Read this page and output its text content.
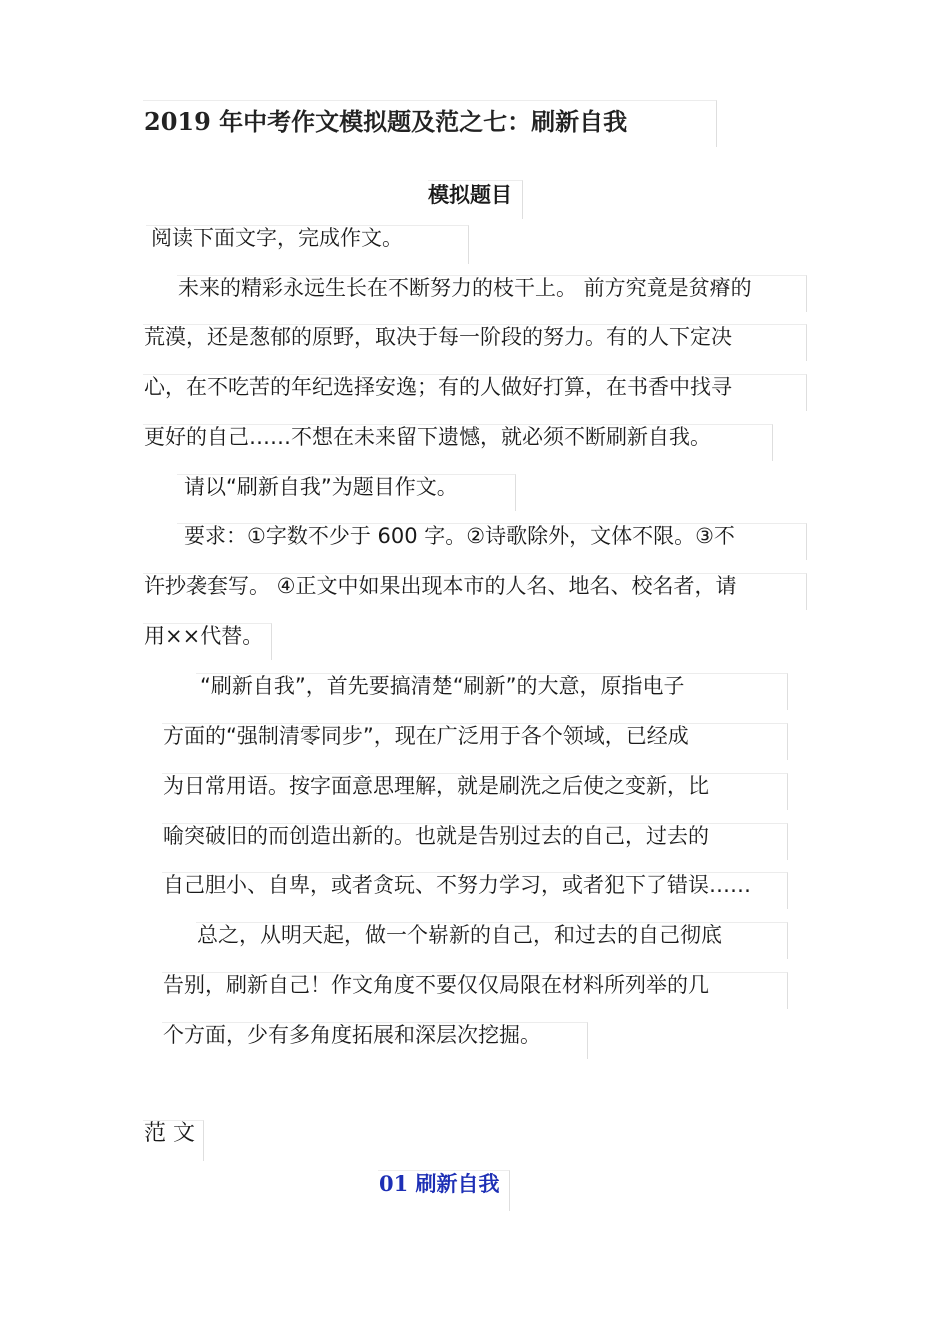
2019 年中考作文模拟题及范之七：刷新自我
模拟题目
阅读下面文字，完成作文。
未来的精彩永远生长在不断努力的枝干上。 前方究竟是贫瘠的
荒漠，还是葱郁的原野，取决于每一阶段的努力。有的人下定决
心，在不吃苦的年纪选择安逸；有的人做好打算，在书香中找寻
更好的自己……不想在未来留下遗憾，就必须不断刷新自我。
请以“刷新自我”为题目作文。
要求：①字数不少于 600 字。②诗歌除外，文体不限。③不
许抄袭套写。 ④正文中如果出现本市的人名、地名、校名者，请
用××代替。
“刷新自我”，首先要搞清楚“刷新”的大意，原指电子
方面的“强制清零同步”，现在广泛用于各个领域，已经成
为日常用语。按字面意思理解，就是刷洗之后使之变新，比
喻突破旧的而创造出新的。也就是告别过去的自己，过去的
自己胆小、自卑，或者贪玩、不努力学习，或者犯下了错误……
总之，从明天起，做一个崭新的自己，和过去的自己彻底
告别，刷新自己！作文角度不要仅仅局限在材料所列举的几
个方面，少有多角度拓展和深层次挖掘。
范 文
01 刷新自我
